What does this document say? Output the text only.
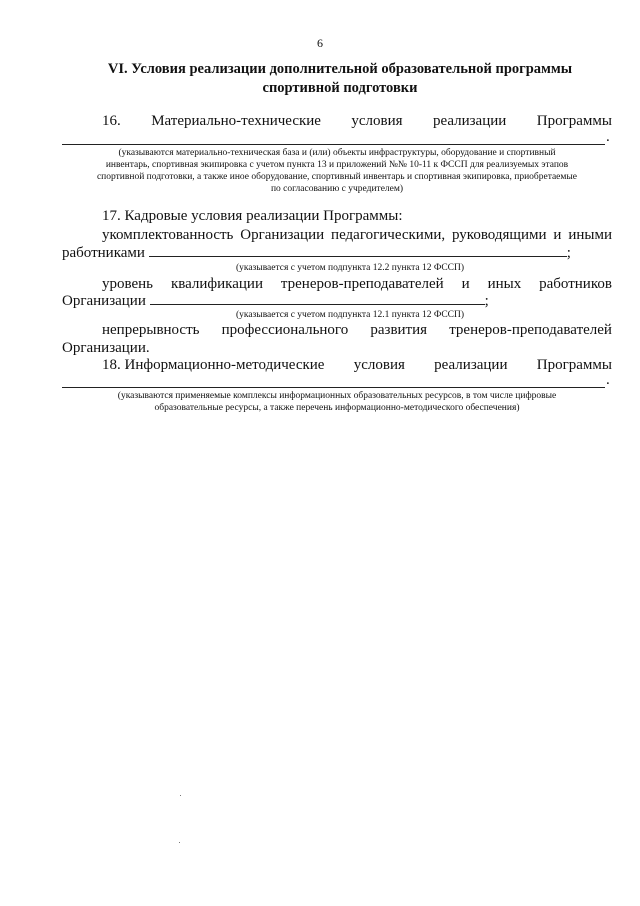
6
VI. Условия реализации дополнительной образовательной программы
спортивной подготовки
16. Материально-технические условия реализации Программы
.
(указываются материально-техническая база и (или) объекты инфраструктуры, оборудование и спортивный
инвентарь, спортивная экипировка с учетом пункта 13 и приложений №№ 10-11 к ФССП для реализуемых этапов
спортивной подготовки, а также иное оборудование, спортивный инвентарь и спортивная экипировка, приобретаемые
по согласованию с учредителем)
17. Кадровые условия реализации Программы:
укомплектованность Организации педагогическими, руководящими и иными
работниками	;
(указывается с учетом подпункта 12.2 пункта 12 ФССП)
уровень квалификации тренеров-преподавателей и иных работников
Организации	;
(указывается с учетом подпункта 12.1 пункта 12 ФССП)
непрерывность профессионального развития тренеров-преподавателей
Организации.
18. Информационно-методические условия реализации Программы
.
(указываются применяемые комплексы информационных образовательных ресурсов, в том числе цифровые
образовательные ресурсы, а также перечень информационно-методического обеспечения)
